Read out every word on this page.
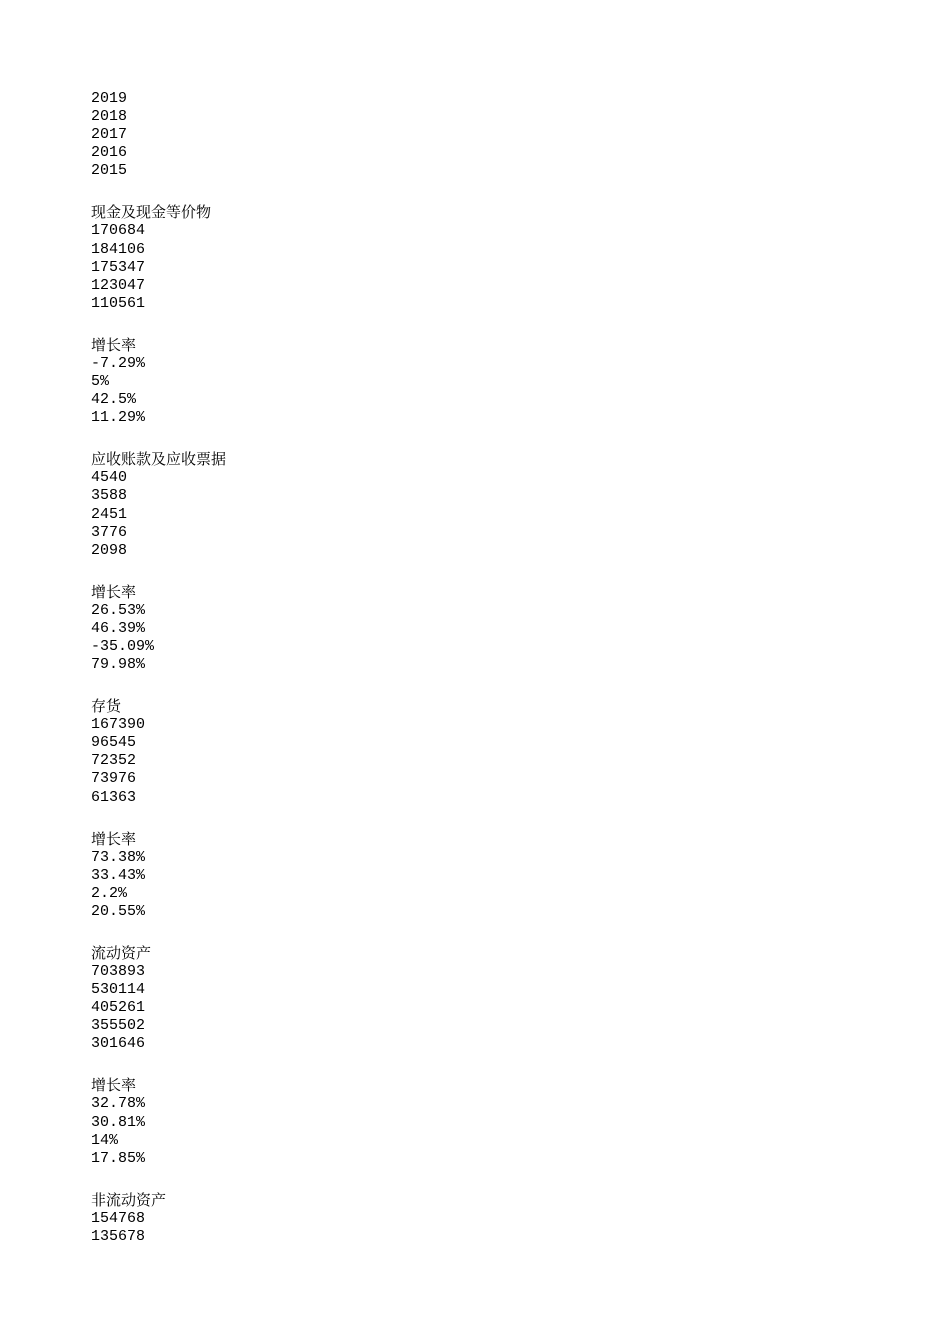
2019
2018
2017
2016
2015
现金及现金等价物
170684
184106
175347
123047
110561
增长率
-7.29%
5%
42.5%
11.29%
应收账款及应收票据
4540
3588
2451
3776
2098
增长率
26.53%
46.39%
-35.09%
79.98%
存货
167390
96545
72352
73976
61363
增长率
73.38%
33.43%
2.2%
20.55%
流动资产
703893
530114
405261
355502
301646
增长率
32.78%
30.81%
14%
17.85%
非流动资产
154768
135678
